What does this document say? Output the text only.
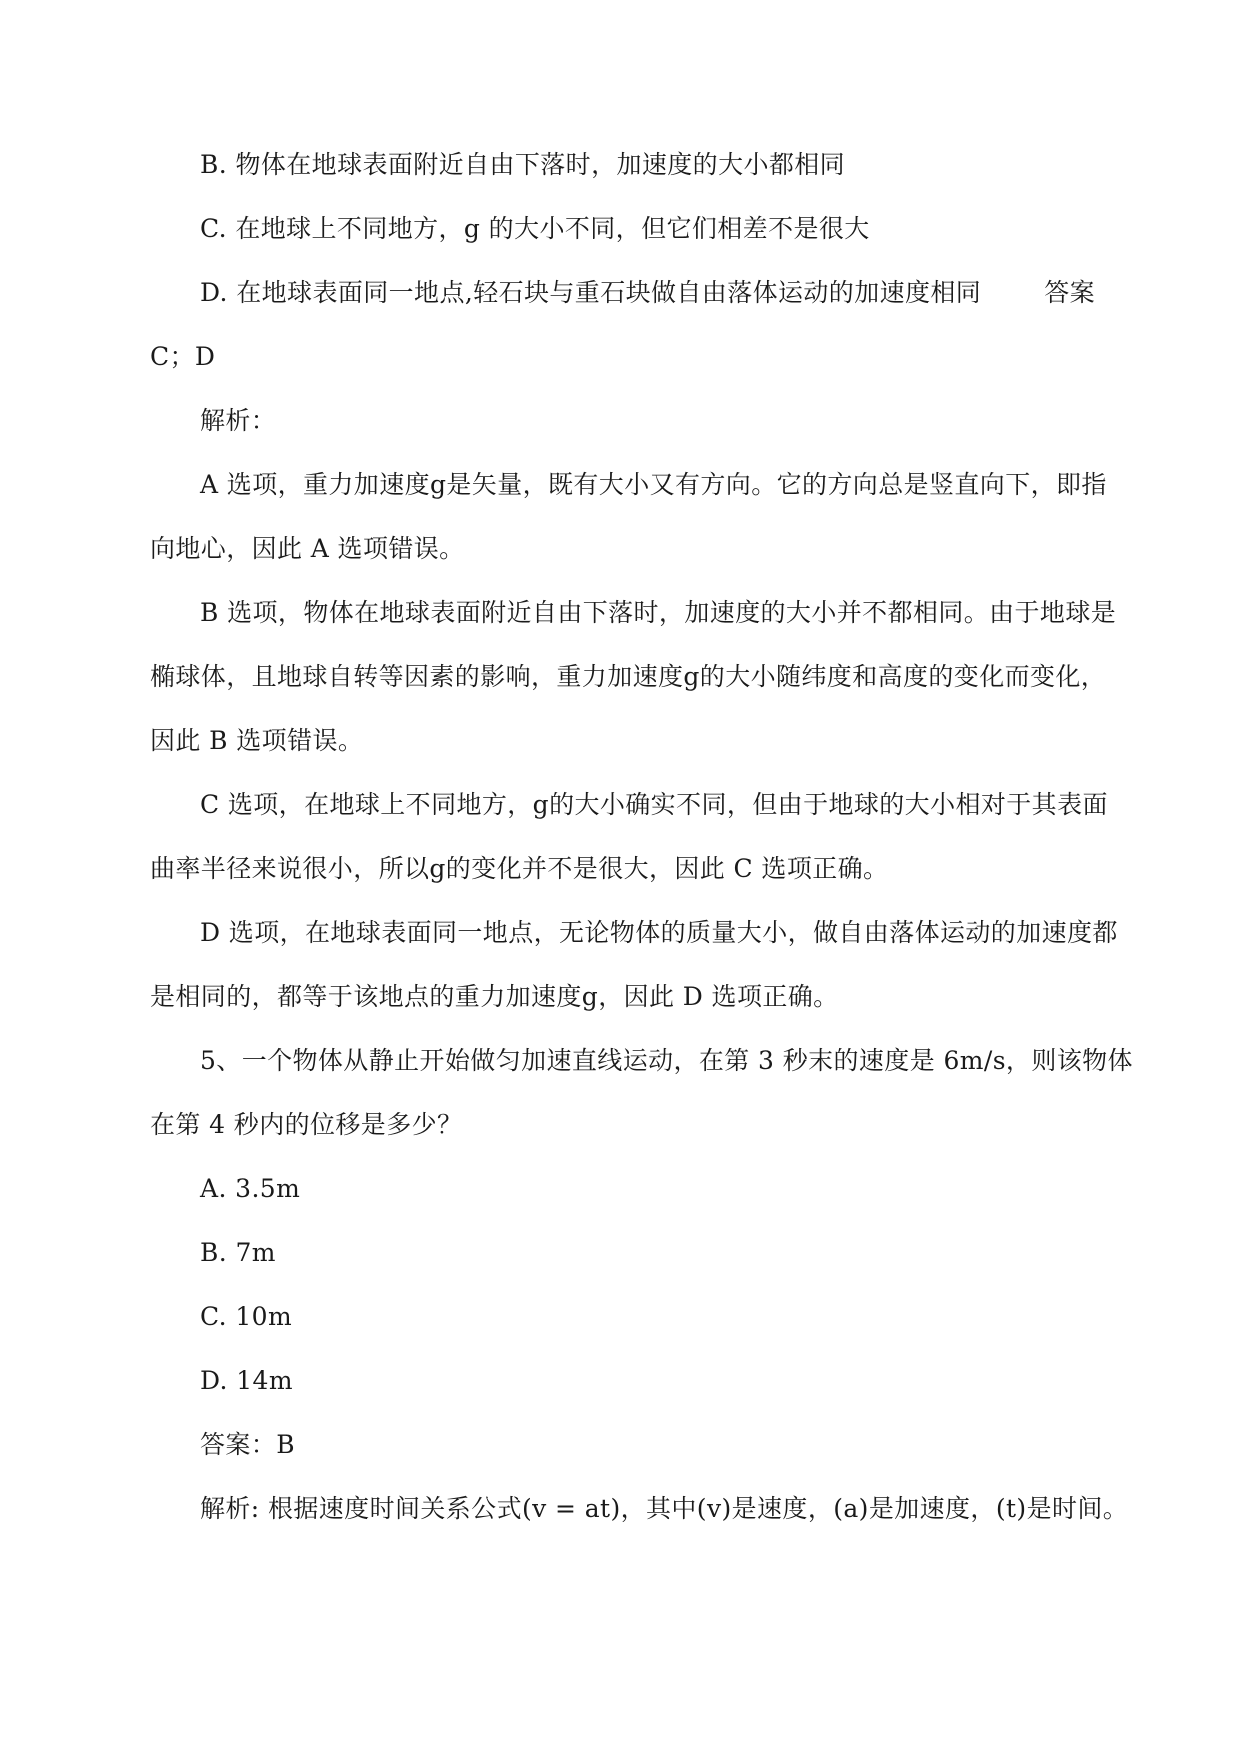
B. 物体在地球表面附近自由下落时，加速度的大小都相同
C. 在地球上不同地方，g 的大小不同，但它们相差不是很大
D. 在地球表面同一地点,轻石块与重石块做自由落体运动的加速度相同	答案
C；D
解析：
A 选项，重力加速度g是矢量，既有大小又有方向。它的方向总是竖直向下，即指
向地心，因此 A 选项错误。
B 选项，物体在地球表面附近自由下落时，加速度的大小并不都相同。由于地球是
椭球体，且地球自转等因素的影响，重力加速度g的大小随纬度和高度的变化而变化，
因此 B 选项错误。
C 选项，在地球上不同地方，g的大小确实不同，但由于地球的大小相对于其表面
曲率半径来说很小，所以g的变化并不是很大，因此 C 选项正确。
D 选项，在地球表面同一地点，无论物体的质量大小，做自由落体运动的加速度都
是相同的，都等于该地点的重力加速度g，因此 D 选项正确。
5、一个物体从静止开始做匀加速直线运动，在第 3 秒末的速度是 6m/s，则该物体
在第 4 秒内的位移是多少？
A. 3.5m
B. 7m
C. 10m
D. 14m
答案：B
解析: 根据速度时间关系公式(v = at)，其中(v)是速度，(a)是加速度，(t)是时间。
